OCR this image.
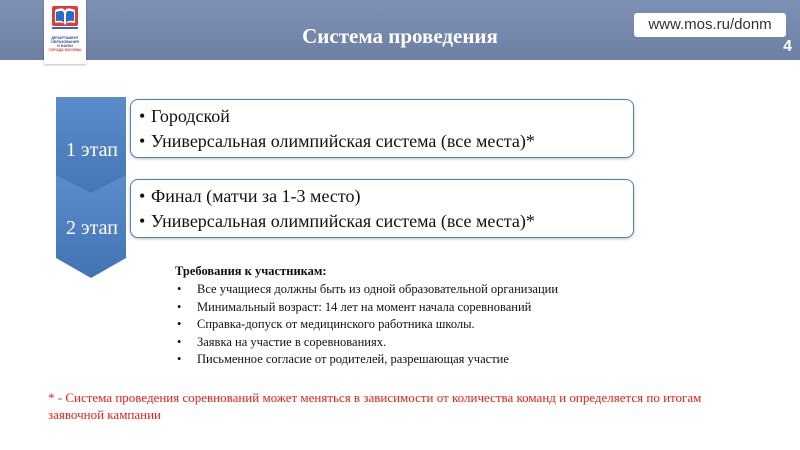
ДЕПАРТАМЕНТ
ОБРАЗОВАНИЯ
И НАУКИ
ГОРОДА МОСКВЫ
Система проведения	www.mos.ru/donm
4
1 этап
2 этап
• Городской
• Универсальная олимпийская система (все места)*
• Финал (матчи за 1-3 место)
• Универсальная олимпийская система (все места)*
Требования к участникам:
• Все учащиеся должны быть из одной образовательной организации
• Минимальный возраст: 14 лет на момент начала соревнований
• Справка-допуск от медицинского работника школы.
• Заявка на участие в соревнованиях.
• Письменное согласие от родителей, разрешающая участие
* - Система проведения соревнований может меняться в зависимости от количества команд и определяется по итогам заявочной кампании
